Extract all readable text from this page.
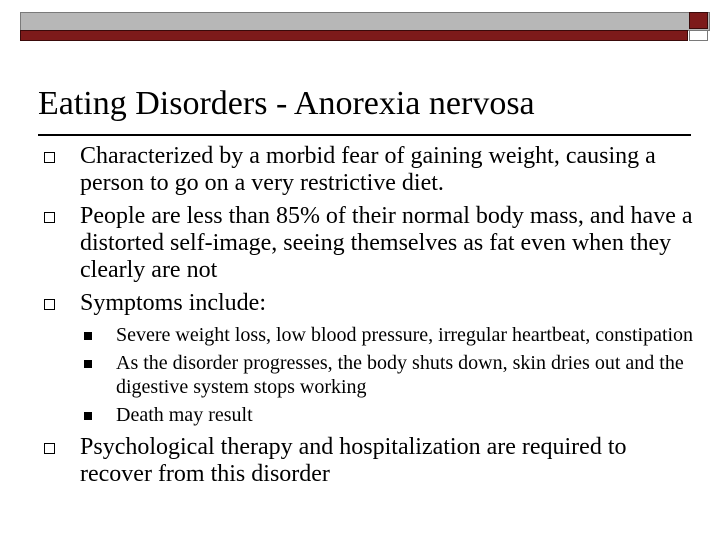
Eating Disorders - Anorexia nervosa
Characterized by a morbid fear of gaining weight, causing a person to go on a very restrictive diet.
People are less than 85% of their normal body mass, and have a distorted self-image, seeing themselves as fat even when they clearly are not
Symptoms include:
Severe weight loss, low blood pressure, irregular heartbeat, constipation
As the disorder progresses, the body shuts down, skin dries out and the digestive system stops working
Death may result
Psychological therapy and hospitalization are required to recover from this disorder
